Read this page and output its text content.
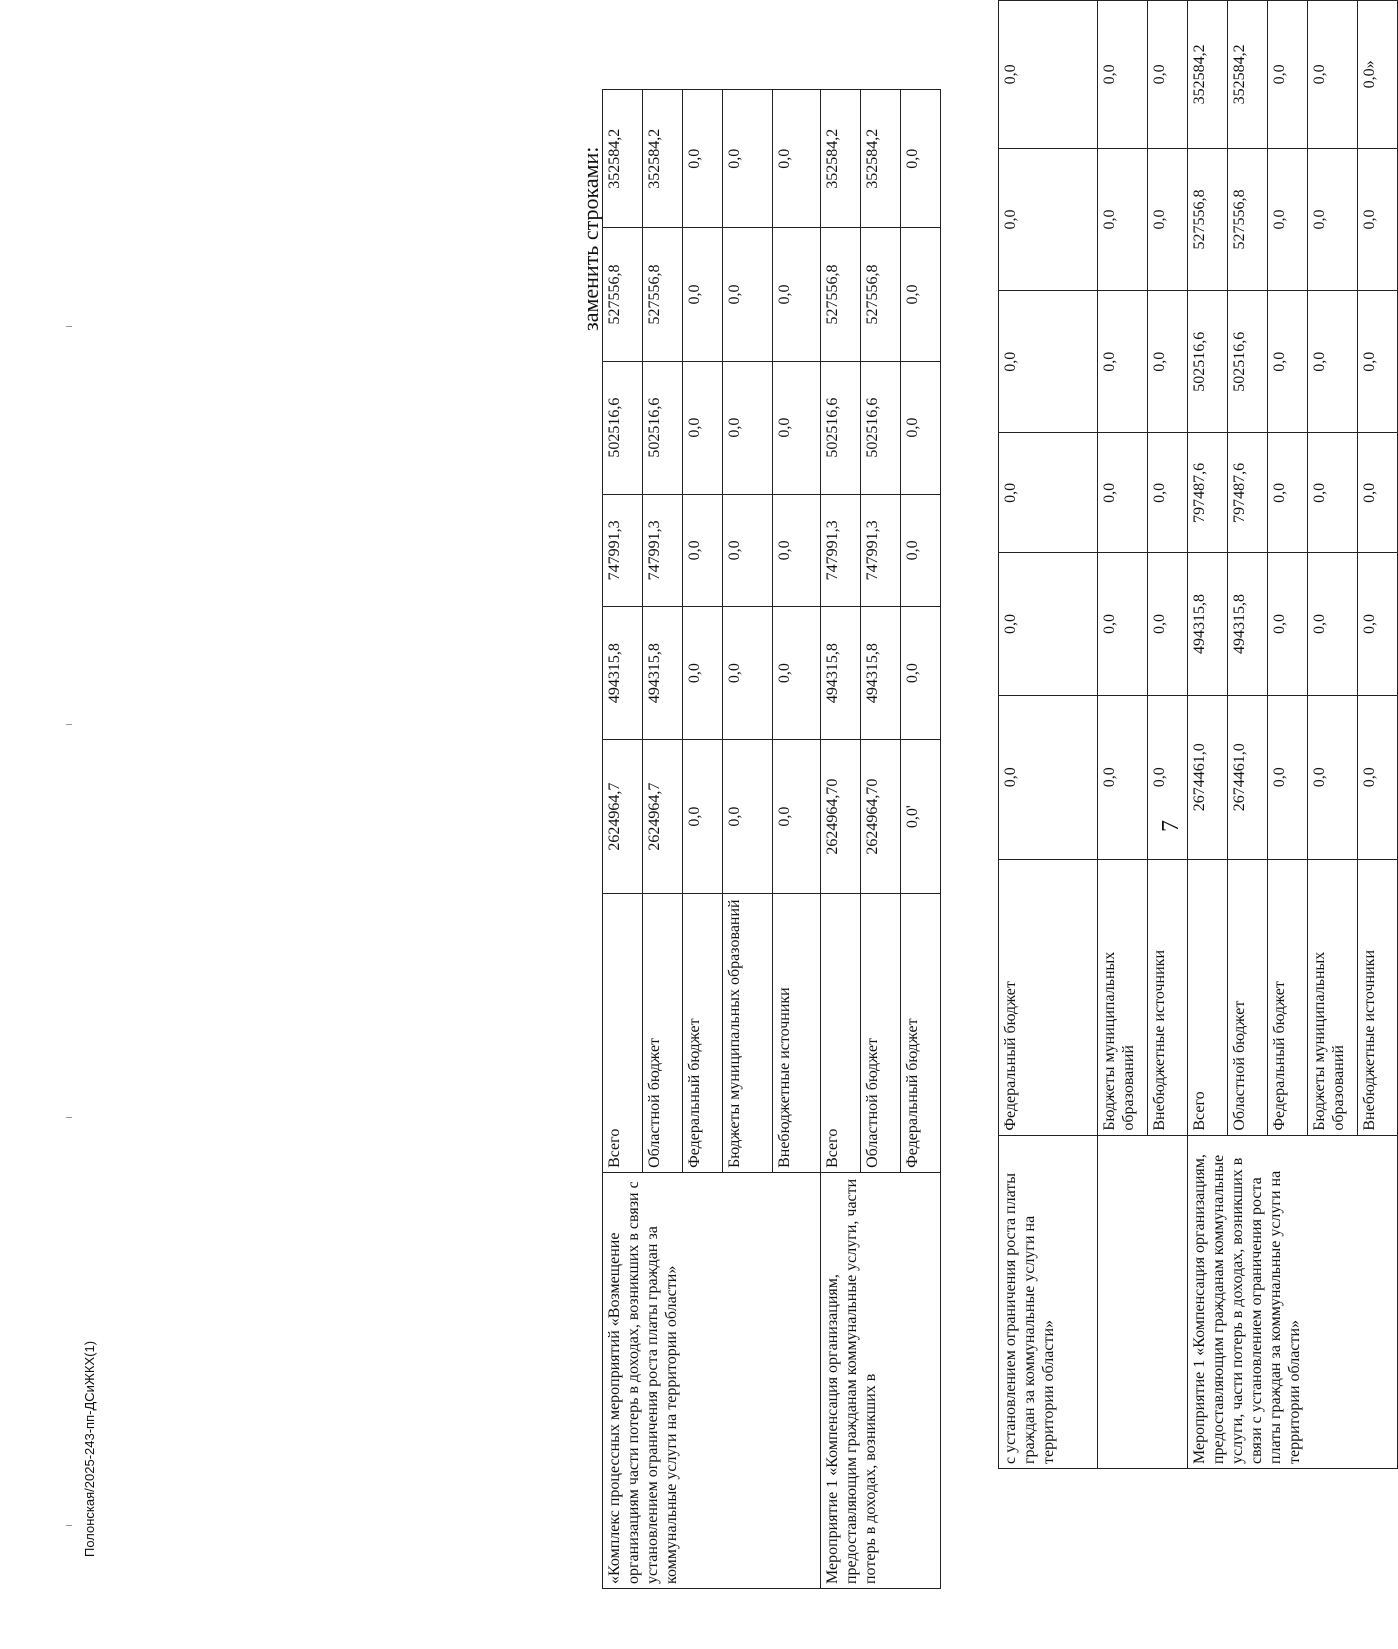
7
Полонская/2025-243-пп-ДСиЖКХ(1)	с установлением ограничения роста платы граждан за коммунальные услуги на территории области»	Федеральный бюджет	0,0	0,0	0,0	0,0	0,0	0,0
	Бюджеты муниципальных образований	0,0	0,0	0,0	0,0	0,0	0,0
	Внебюджетные источники	0,0	0,0	0,0	0,0	0,0	0,0
Мероприятие 1 «Компенсация организациям, предоставляющим гражданам коммунальные услуги, части потерь в доходах, возникших в связи с установлением ограничения роста платы граждан за коммунальные услуги на территории области»	Всего	2674461,0	494315,8	797487,6	502516,6	527556,8	352584,2
	Областной бюджет	2674461,0	494315,8	797487,6	502516,6	527556,8	352584,2
	Федеральный бюджет	0,0	0,0	0,0	0,0	0,0	0,0
	Бюджеты муниципальных образований	0,0	0,0	0,0	0,0	0,0	0,0
	Внебюджетные источники	0,0	0,0	0,0	0,0	0,0	0,0»
заменить строками:
«Комплекс процессных мероприятий «Возмещение организациям части потерь в доходах, возникших в связи с установлением ограничения роста платы граждан за коммунальные услуги на территории области»	Всего	2624964,7	494315,8	747991,3	502516,6	527556,8	352584,2
	Областной бюджет	2624964,7	494315,8	747991,3	502516,6	527556,8	352584,2
	Федеральный бюджет	0,0	0,0	0,0	0,0	0,0	0,0
	Бюджеты муниципальных образований	0,0	0,0	0,0	0,0	0,0	0,0
	Внебюджетные источники	0,0	0,0	0,0	0,0	0,0	0,0
Мероприятие 1 «Компенсация организациям, предоставляющим гражданам коммунальные услуги, части потерь в доходах, возникших в	Всего	2624964,70	494315,8	747991,3	502516,6	527556,8	352584,2
	Областной бюджет	2624964,70	494315,8	747991,3	502516,6	527556,8	352584,2
	Федеральный бюджет	0,0'	0,0	0,0	0,0	0,0	0,0
